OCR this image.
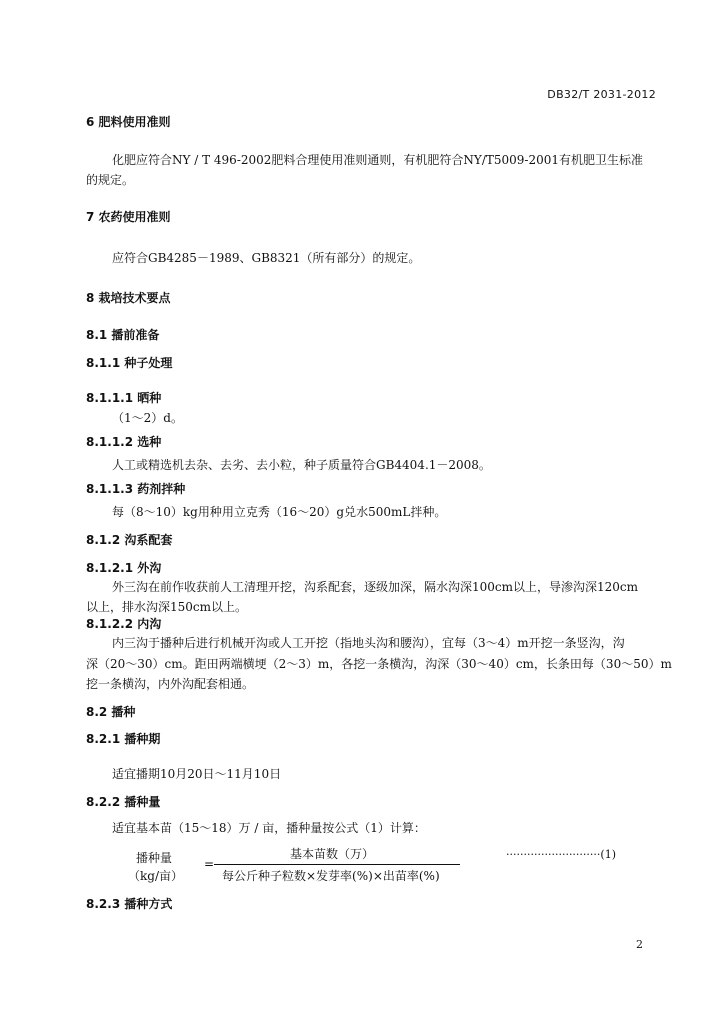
DB32/T 2031-2012
6 肥料使用准则
化肥应符合NY / T 496-2002肥料合理使用准则通则，有机肥符合NY/T5009-2001有机肥卫生标准
的规定。
7 农药使用准则
应符合GB4285－1989、GB8321（所有部分）的规定。
8 栽培技术要点
8.1 播前准备
8.1.1 种子处理
8.1.1.1 晒种
（1～2）d。
8.1.1.2 选种
人工或精选机去杂、去劣、去小粒，种子质量符合GB4404.1－2008。
8.1.1.3 药剂拌种
每（8～10）kg用种用立克秀（16～20）g兑水500mL拌种。
8.1.2 沟系配套
8.1.2.1 外沟
外三沟在前作收获前人工清理开挖，沟系配套，逐级加深，隔水沟深100cm以上，导渗沟深120cm
以上，排水沟深150cm以上。
8.1.2.2 内沟
内三沟于播种后进行机械开沟或人工开挖（指地头沟和腰沟），宜每（3～4）m开挖一条竖沟，沟
深（20～30）cm。距田两端横埂（2～3）m，各挖一条横沟，沟深（30～40）cm，长条田每（30～50）m
挖一条横沟，内外沟配套相通。
8.2 播种
8.2.1 播种期
适宜播期10月20日～11月10日
8.2.2 播种量
适宜基本苗（15～18）万 / 亩，播种量按公式（1）计算：
播种量
（kg/亩）
=
基本苗数（万）
每公斤种子粒数×发芽率(%)×出苗率(%)
···························(1)
8.2.3 播种方式
2
